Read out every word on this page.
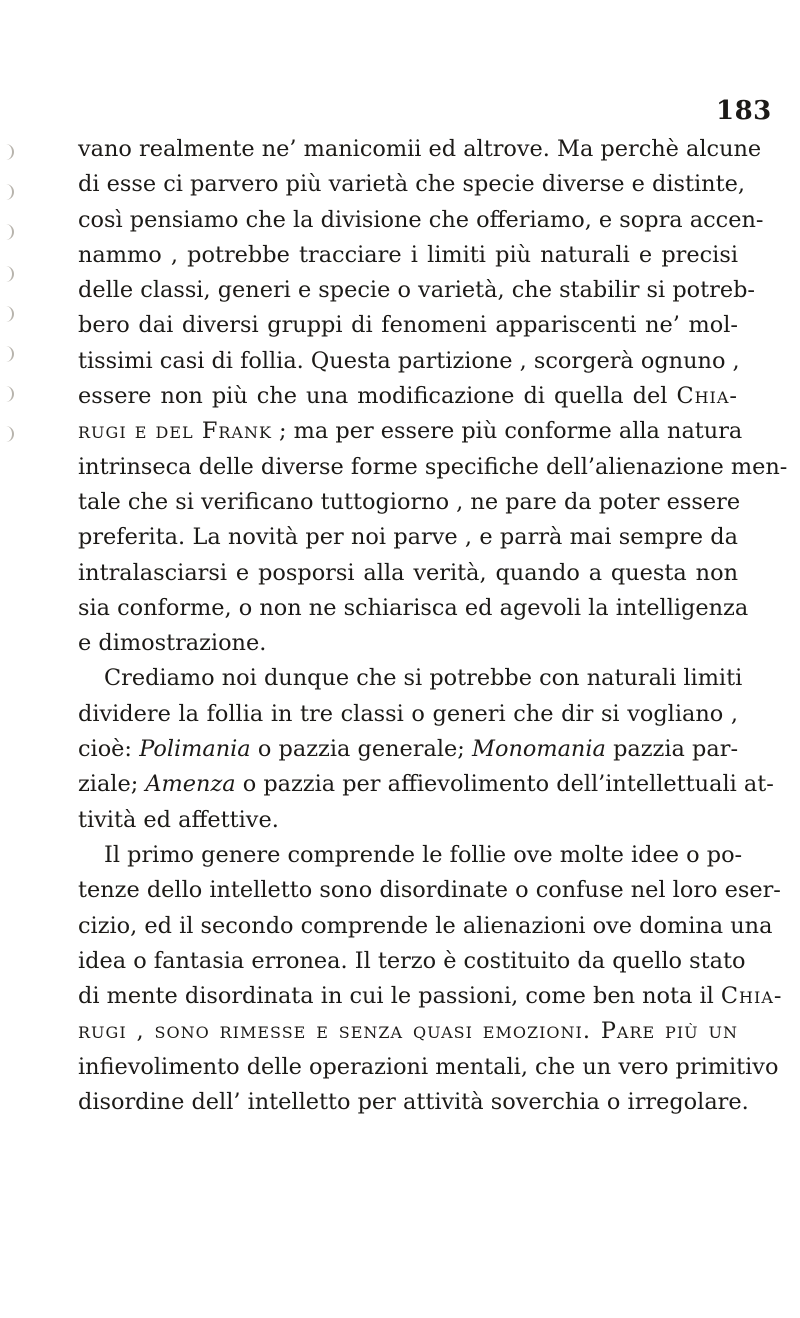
183
vano realmente ne’ manicomii ed altrove. Ma perchè alcune
di esse ci parvero più varietà che specie diverse e distinte,
così pensiamo che la divisione che offeriamo, e sopra accen-
nammo , potrebbe tracciare i limiti più naturali e precisi
delle classi, generi e specie o varietà, che stabilir si potreb-
bero dai diversi gruppi di fenomeni appariscenti ne’ mol-
tissimi casi di follia. Questa partizione , scorgerà ognuno ,
essere non più che una modificazione di quella del Chia-
rugi e del Frank ; ma per essere più conforme alla natura
intrinseca delle diverse forme specifiche dell’alienazione men-
tale che si verificano tuttogiorno , ne pare da poter essere
preferita. La novità per noi parve , e parrà mai sempre da
intralasciarsi e posporsi alla verità, quando a questa non
sia conforme, o non ne schiarisca ed agevoli la intelligenza
e dimostrazione.
Crediamo noi dunque che si potrebbe con naturali limiti
dividere la follia in tre classi o generi che dir si vogliano ,
cioè: Polimania o pazzia generale; Monomania pazzia par-
ziale; Amenza o pazzia per affievolimento dell’intellettuali at-
tività ed affettive.
Il primo genere comprende le follie ove molte idee o po-
tenze dello intelletto sono disordinate o confuse nel loro eser-
cizio, ed il secondo comprende le alienazioni ove domina una
idea o fantasia erronea. Il terzo è costituito da quello stato
di mente disordinata in cui le passioni, come ben nota il Chia-
rugi , sono rimesse e senza quasi emozioni. Pare più un
infievolimento delle operazioni mentali, che un vero primitivo
disordine dell’ intelletto per attività soverchia o irregolare.
